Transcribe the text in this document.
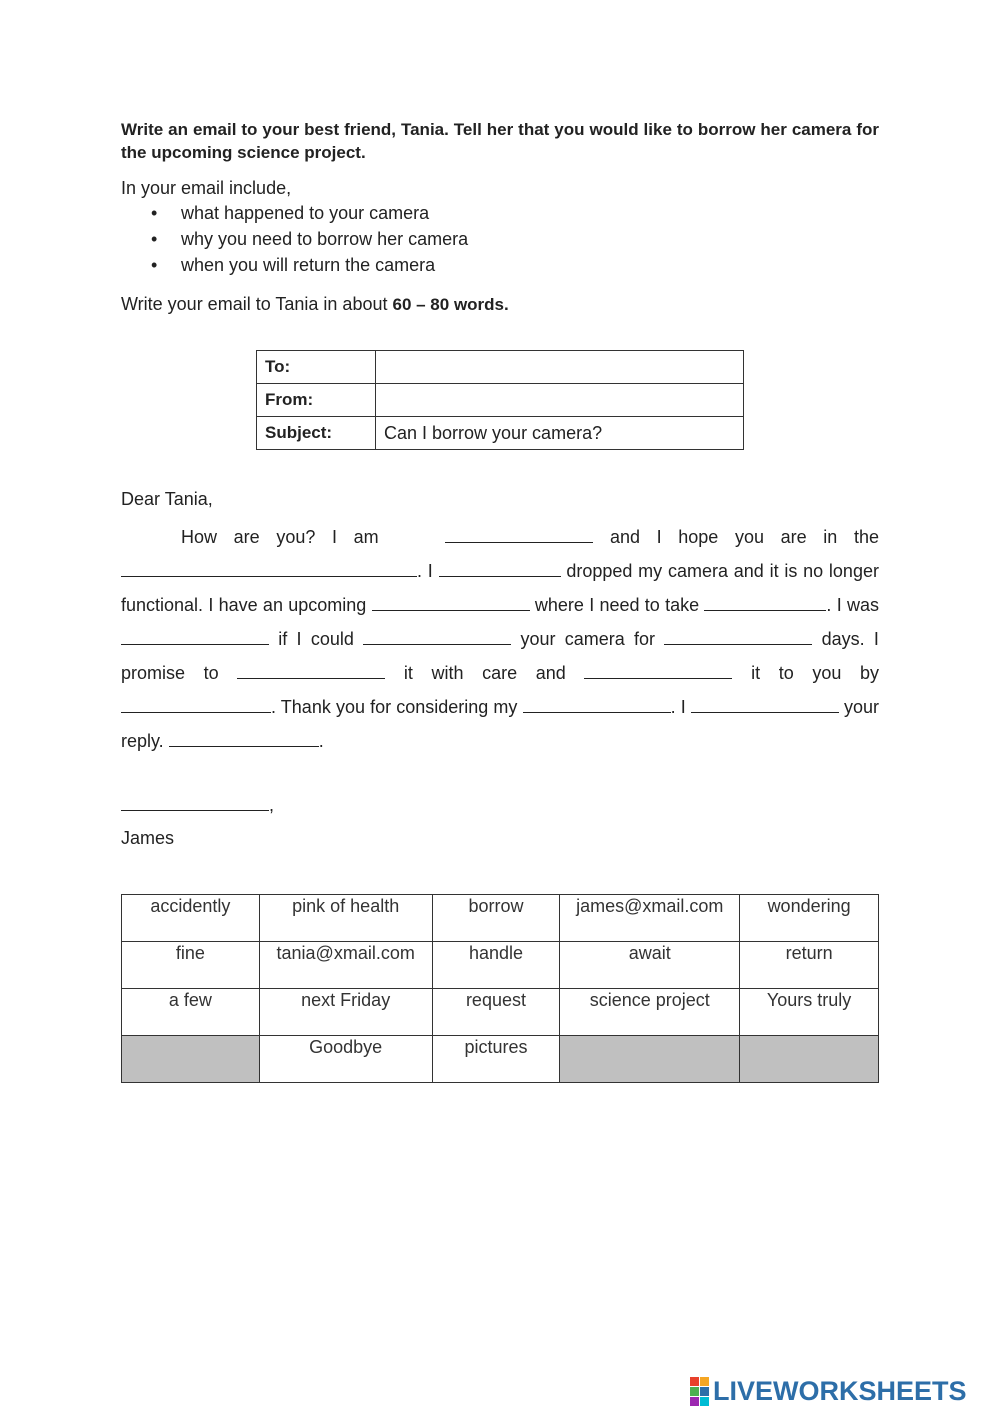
Write an email to your best friend, Tania. Tell her that you would like to borrow her camera for the upcoming science project.

In your email include,

• what happened to your camera
• why you need to borrow her camera
• when you will return the camera

Write your email to Tania in about 60 – 80 words.

To:	
From:	
Subject:	Can I borrow your camera?

Dear Tania,

How are you? I am	and I hope you are in the . I	dropped my camera and it is no longer functional. I have an upcoming	where I need to take	. I was  if I could	your camera for	days. I promise to	it with care and	it to you by . Thank you for considering my	. I	your reply.	.

,
James
accidently	pink of health	borrow	james@xmail.com	wondering
fine	tania@xmail.com	handle	await	return
a few	next Friday	request	science project	Yours truly
	Goodbye	pictures		
LIVEWORKSHEETS
